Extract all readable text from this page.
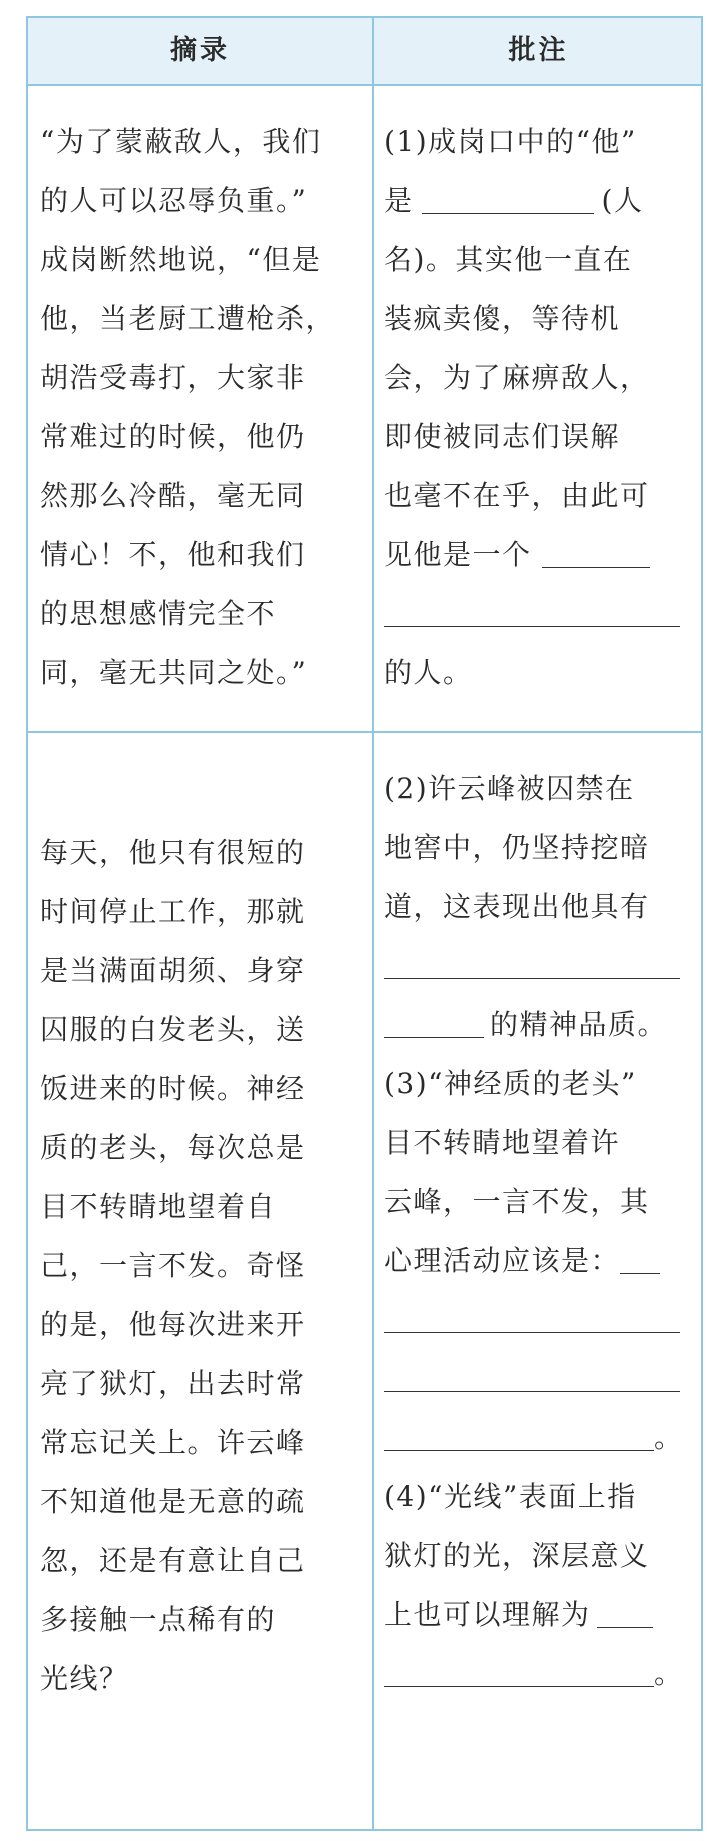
摘录	批注
“为了蒙蔽敌人，我们
的人可以忍辱负重。”
成岗断然地说，“但是
他，当老厨工遭枪杀，
胡浩受毒打，大家非
常难过的时候，他仍
然那么冷酷，毫无同
情心！不，他和我们
的思想感情完全不
同，毫无共同之处。”
(1)成岗口中的“他”
是	(人
名)。其实他一直在
装疯卖傻，等待机
会，为了麻痹敌人，
即使被同志们误解
也毫不在乎，由此可
见他是一个
的人。
每天，他只有很短的
时间停止工作，那就
是当满面胡须、身穿
囚服的白发老头，送
饭进来的时候。神经
质的老头，每次总是
目不转睛地望着自
己，一言不发。奇怪
的是，他每次进来开
亮了狱灯，出去时常
常忘记关上。许云峰
不知道他是无意的疏
忽，还是有意让自己
多接触一点稀有的
光线？
(2)许云峰被囚禁在
地窖中，仍坚持挖暗
道，这表现出他具有
的精神品质。
(3)“神经质的老头”
目不转睛地望着许
云峰，一言不发，其
心理活动应该是：
。
(4)“光线”表面上指
狱灯的光，深层意义
上也可以理解为
。
